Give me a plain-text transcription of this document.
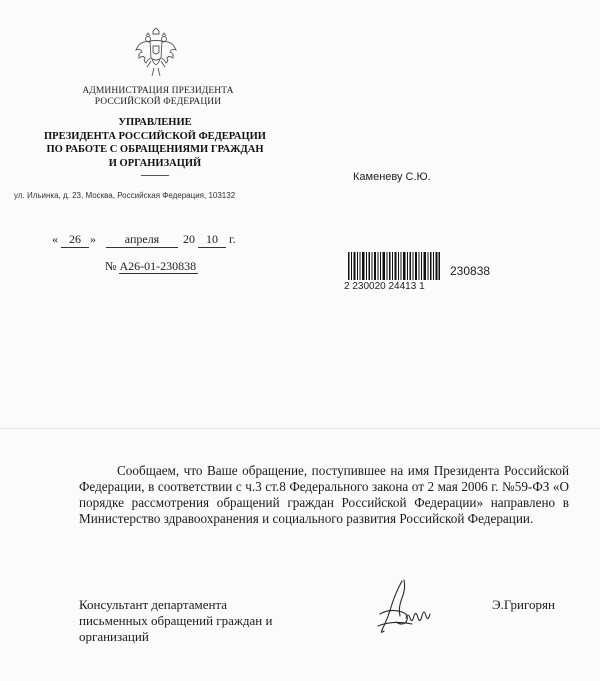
АДМИНИСТРАЦИЯ ПРЕЗИДЕНТА
РОССИЙСКОЙ ФЕДЕРАЦИИ
УПРАВЛЕНИЕ
ПРЕЗИДЕНТА РОССИЙСКОЙ ФЕДЕРАЦИИ
ПО РАБОТЕ С ОБРАЩЕНИЯМИ ГРАЖДАН
И ОРГАНИЗАЦИЙ
ул. Ильинка, д. 23, Москва, Российская Федерация, 103132
Каменеву С.Ю.
« 26 »	апреля	20 10 г.
№ А26-01-230838
2 230020 24413 1
230838
Сообщаем, что Ваше обращение, поступившее на имя Президента Российской Федерации, в соответствии с ч.3 ст.8 Федерального закона от 2 мая 2006 г. №59-ФЗ «О порядке рассмотрения обращений граждан Российской Федерации» направлено в Министерство здравоохранения и социального развития Российской Федерации.
Консультант департамента
письменных обращений граждан и
организаций
Э.Григорян
